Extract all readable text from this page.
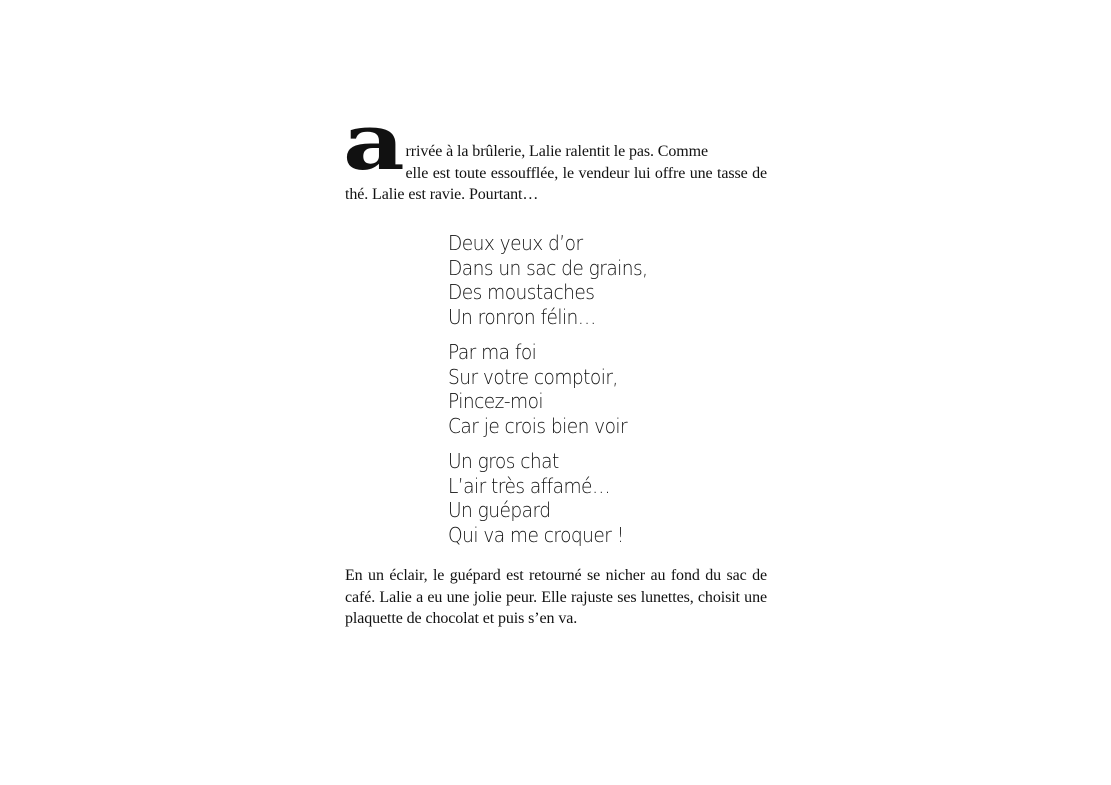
a rrivée à la brûlerie, Lalie ralentit le pas. Comme
elle est toute essoufflée, le vendeur lui offre une tasse de thé. Lalie est ravie. Pourtant…
Deux yeux d’or
Dans un sac de grains,
Des moustaches
Un ronron félin…
Par ma foi
Sur votre comptoir,
Pincez-moi
Car je crois bien voir
Un gros chat
L’air très affamé…
Un guépard
Qui va me croquer !
En un éclair, le guépard est retourné se nicher au fond du sac de café. Lalie a eu une jolie peur. Elle rajuste ses lunettes, choisit une plaquette de chocolat et puis s’en va.
